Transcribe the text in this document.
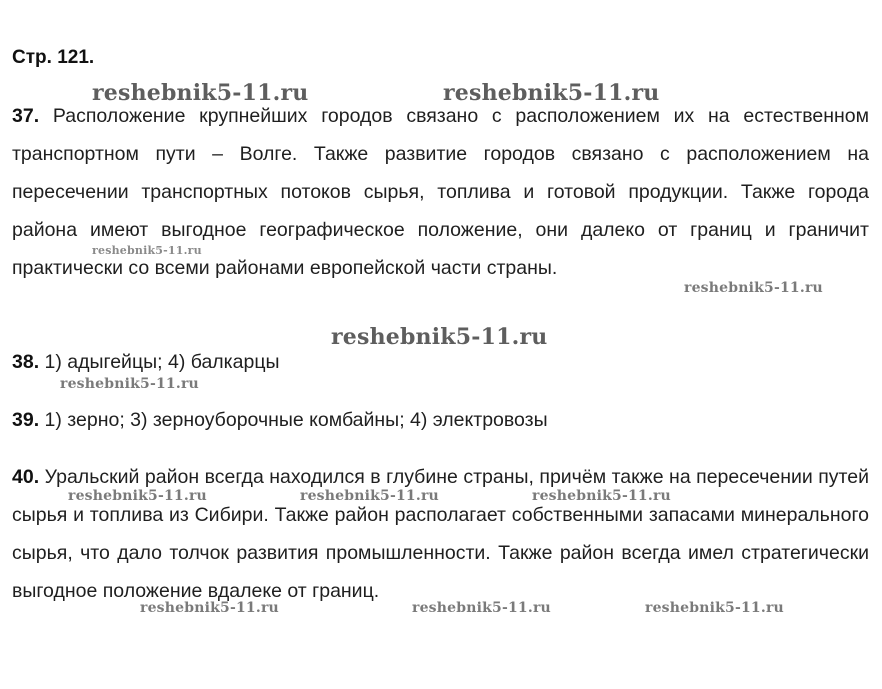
Стр. 121.
37. Расположение крупнейших городов связано с расположением их на естественном транспортном пути – Волге. Также развитие городов связано с расположением на пересечении транспортных потоков сырья, топлива и готовой продукции. Также города района имеют выгодное географическое положение, они далеко от границ и граничит практически со всеми районами европейской части страны.
38. 1) адыгейцы; 4) балкарцы
39. 1) зерно; 3) зерноуборочные комбайны; 4) электровозы
40. Уральский район всегда находился в глубине страны, причём также на пересечении путей сырья и топлива из Сибири. Также район располагает собственными запасами минерального сырья, что дало толчок развития промышленности. Также район всегда имел стратегически выгодное положение вдалеке от границ.
reshebnik5-11.ru	reshebnik5-11.ru
reshebnik5-11.ru
reshebnik5-11.ru
reshebnik5-11.ru
reshebnik5-11.ru
reshebnik5-11.ru	reshebnik5-11.ru	reshebnik5-11.ru
reshebnik5-11.ru	reshebnik5-11.ru	reshebnik5-11.ru
